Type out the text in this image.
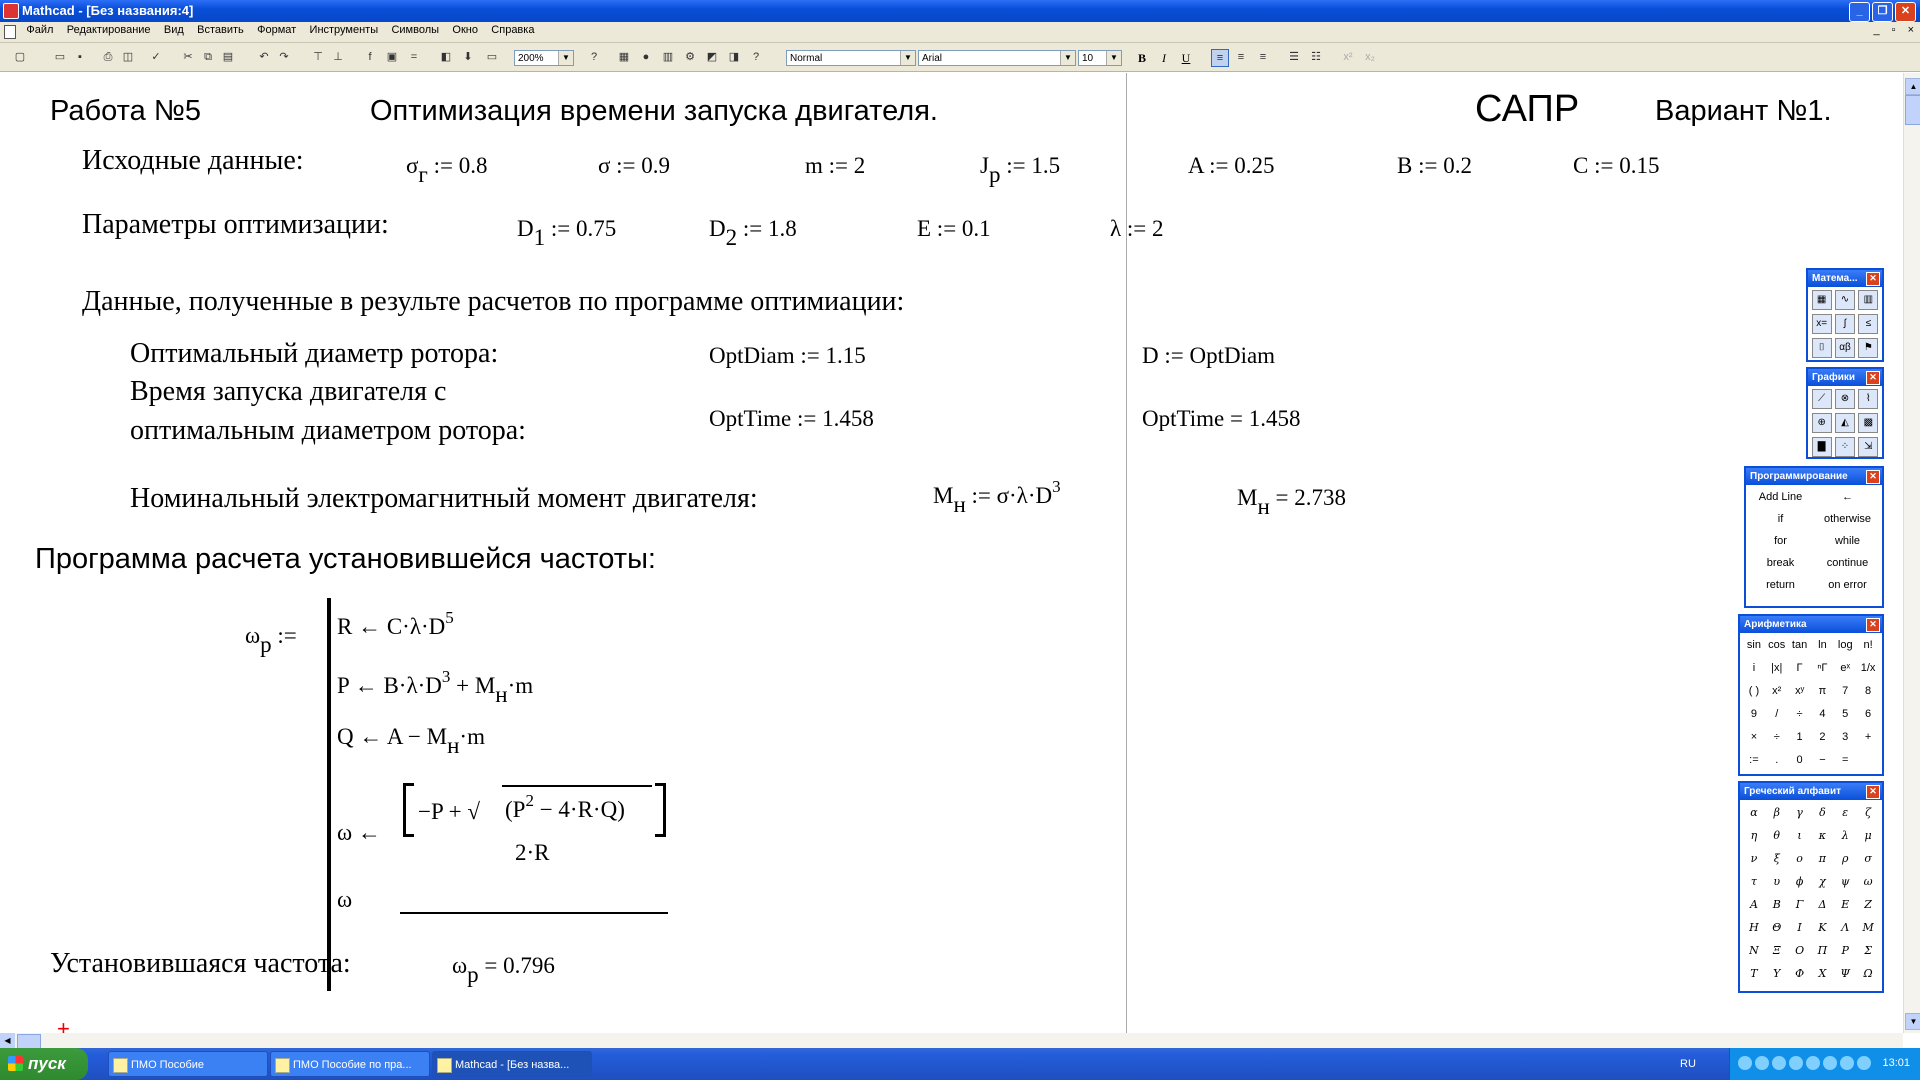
Mathcad - [Без названия:4]	_	❐	✕
Файл Редактирование Вид Вставить Формат Инструменты Символы Окно Справка	_ ▫ ×
▢	▭	▪	⎙ ◫	✓	✂	⧉ ▤	↶ ↷	⊤ ⊥	f	▣	=	◧	⬇	▭	200%	▼	?	▦	●	▥ ⚙ ◩ ◨	?	Normal	▼	Arial	▼	10	▼	B	I	U	≡	≡	≡	☰ ☷	x²	x₂
Работа №5	Оптимизация времени запуска двигателя.	САПР	Вариант №1.
Исходные данные:	$\sigma_г$ := 0.8	σ := 0.9	m := 2	$J_p$ := 1.5	A := 0.25	B := 0.2	C := 0.15
Параметры оптимизации:	$D_1$ := 0.75	$D_2$ := 1.8	E := 0.1	λ := 2
Данные, полученные в результе расчетов по программе оптимиации:
Оптимальный диаметр ротора:	OptDiam := 1.15	D := OptDiam
Время запуска двигателя с
оптимальным диаметром ротора:	OptTime := 1.458	OptTime = 1.458
Номинальный электромагнитный момент двигателя:	$M_н$ := $\sigma\cdot\lambda\cdot D^3$	$M_н = 2.738$
Программа расчета установившейся частоты:
$\omega_p$ := R ← $C\cdot\lambda\cdot D^5$
P ← $B\cdot\lambda\cdot D^3 + M_н\cdot m$
Q ← $A - M_н\cdot m$
ω ←
−P + √ $(P^2 - 4\cdot R\cdot Q)$
2·R
ω
+
Установившаяся частота:	$\omega_p = 0.796$
▲
▼
◀
Матема...	✕
▦	∿	▥
x=	∫	≤
⌷	αβ	⚑
Графики	✕
⟋	⊗	⌇
⊕	◭	▩
▇	⁘	⇲
Программирование	✕
Add Line	←
if	otherwise
for	while
break	continue
return	on error
Арифметика	✕
sin cos tan ln	log n!
i	|x|	Γ	ⁿΓ	eˣ 1/x
( )	x²	xʸ	π	7	8
9	/	÷	4	5	6
×	÷	1	2	3	+
:=	.	0	−	=
Греческий алфавит	✕
α	β	γ	δ	ε	ζ
η	θ	ι	κ	λ	μ
ν	ξ	ο	π	ρ	σ
τ	υ	ϕ	χ	ψ	ω
Α	Β	Γ	Δ	Ε	Ζ
Η	Θ	Ι	Κ	Λ	Μ
Ν	Ξ	Ο	Π	Ρ	Σ
Τ	Υ	Φ	Χ	Ψ	Ω
пуск	ПМО Пособие	ПМО Пособие по пра...	Mathcad - [Без назва...	RU	13:01
